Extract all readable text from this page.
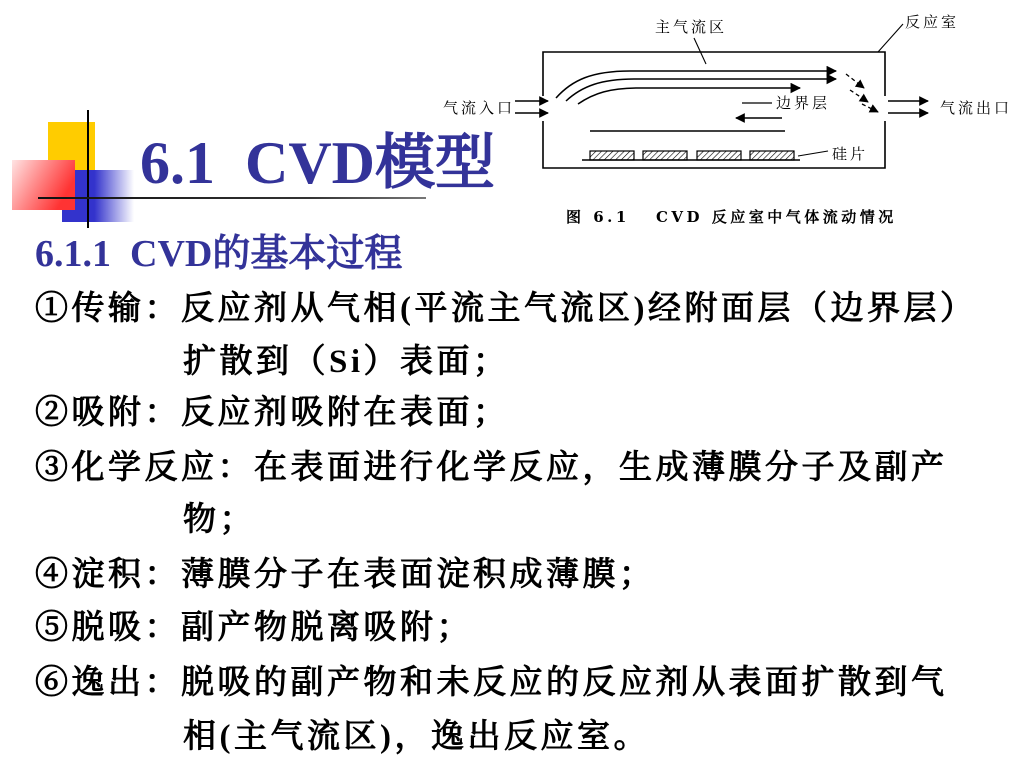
6.1  CVD模型
主气流区	反应室
气流入口	边界层	气流出口
硅片
图 6.1   CVD 反应室中气体流动情况
6.1.1  CVD的基本过程
①传输：反应剂从气相(平流主气流区)经附面层（边界层）
扩散到（Si）表面；
②吸附：反应剂吸附在表面；
③化学反应：在表面进行化学反应，生成薄膜分子及副产
物；
④淀积：薄膜分子在表面淀积成薄膜；
⑤脱吸：副产物脱离吸附；
⑥逸出：脱吸的副产物和未反应的反应剂从表面扩散到气
相(主气流区)，逸出反应室。
